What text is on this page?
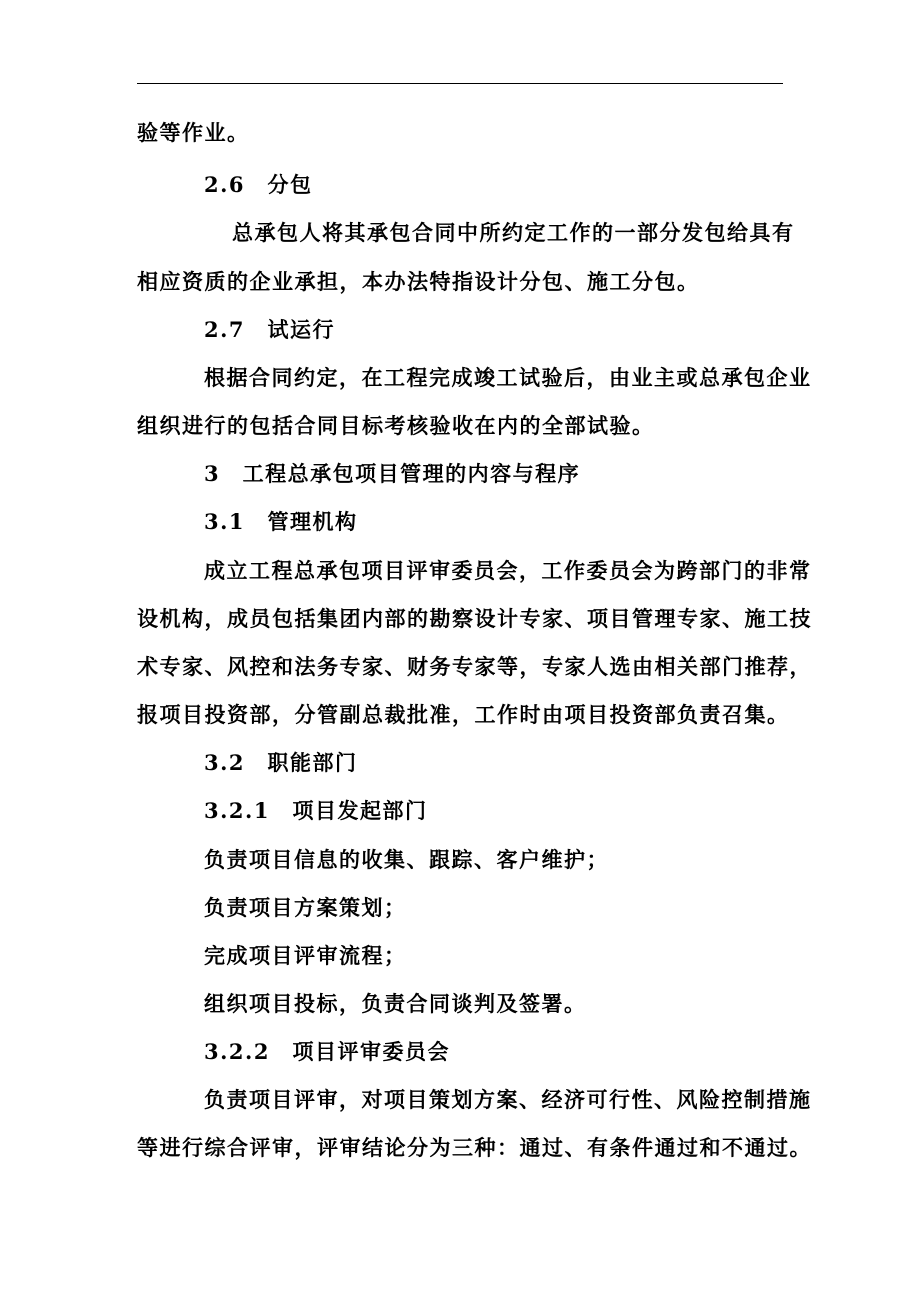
验等作业。
2.6　分包
总承包人将其承包合同中所约定工作的一部分发包给具有
相应资质的企业承担，本办法特指设计分包、施工分包。
2.7　试运行
根据合同约定，在工程完成竣工试验后，由业主或总承包企业
组织进行的包括合同目标考核验收在内的全部试验。
3　工程总承包项目管理的内容与程序
3.1　管理机构
成立工程总承包项目评审委员会，工作委员会为跨部门的非常
设机构，成员包括集团内部的勘察设计专家、项目管理专家、施工技
术专家、风控和法务专家、财务专家等，专家人选由相关部门推荐，
报项目投资部，分管副总裁批准，工作时由项目投资部负责召集。
3.2　职能部门
3.2.1　项目发起部门
负责项目信息的收集、跟踪、客户维护；
负责项目方案策划；
完成项目评审流程；
组织项目投标，负责合同谈判及签署。
3.2.2　项目评审委员会
负责项目评审，对项目策划方案、经济可行性、风险控制措施
等进行综合评审，评审结论分为三种：通过、有条件通过和不通过。
